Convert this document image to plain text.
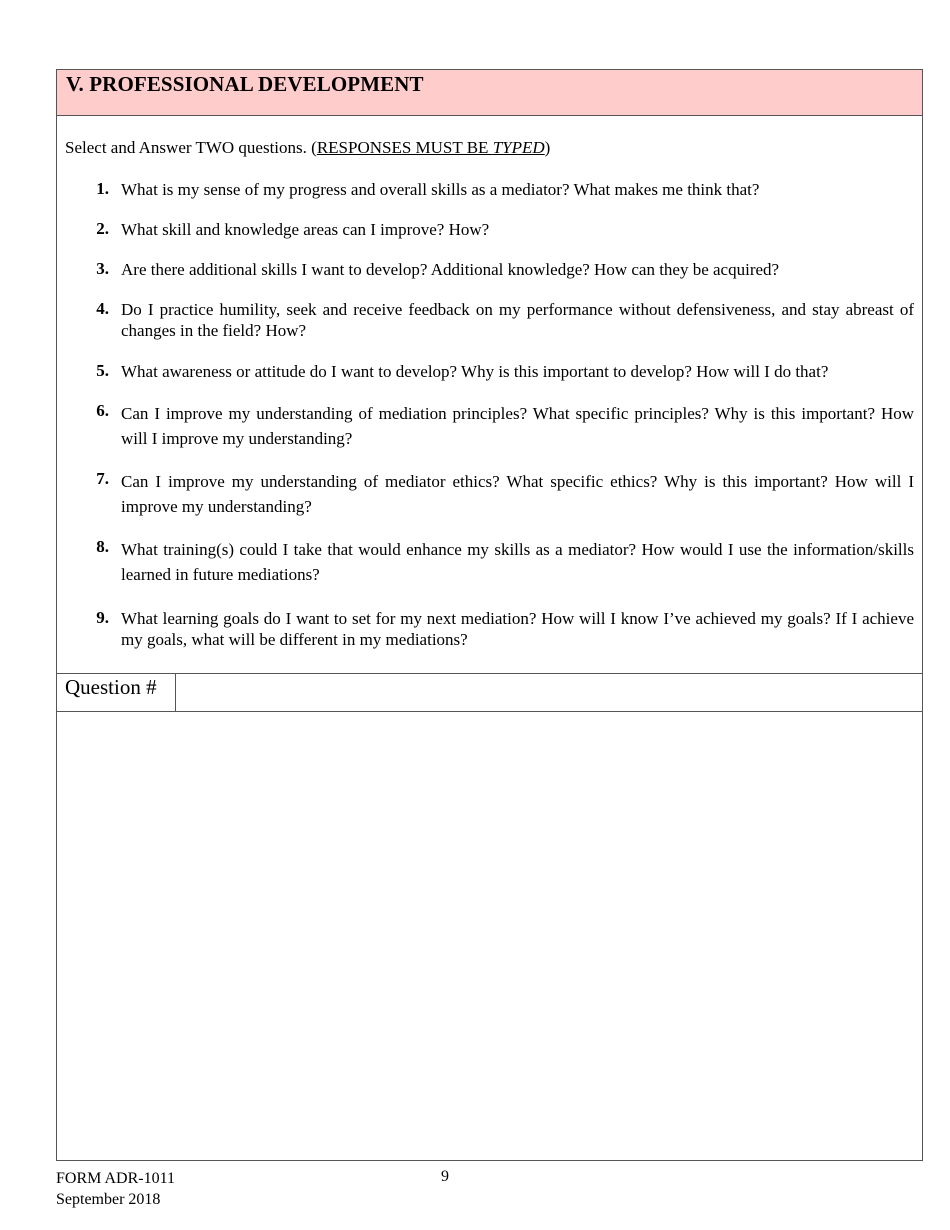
V. PROFESSIONAL DEVELOPMENT
Select and Answer TWO questions. (RESPONSES MUST BE TYPED)
1. What is my sense of my progress and overall skills as a mediator? What makes me think that?
2. What skill and knowledge areas can I improve? How?
3. Are there additional skills I want to develop? Additional knowledge? How can they be acquired?
4. Do I practice humility, seek and receive feedback on my performance without defensiveness, and stay abreast of changes in the field? How?
5. What awareness or attitude do I want to develop? Why is this important to develop? How will I do that?
6. Can I improve my understanding of mediation principles? What specific principles? Why is this important? How will I improve my understanding?
7. Can I improve my understanding of mediator ethics? What specific ethics? Why is this important? How will I improve my understanding?
8. What training(s) could I take that would enhance my skills as a mediator? How would I use the information/skills learned in future mediations?
9. What learning goals do I want to set for my next mediation? How will I know I’ve achieved my goals? If I achieve my goals, what will be different in my mediations?
Question #
FORM ADR-1011
September 2018
9
